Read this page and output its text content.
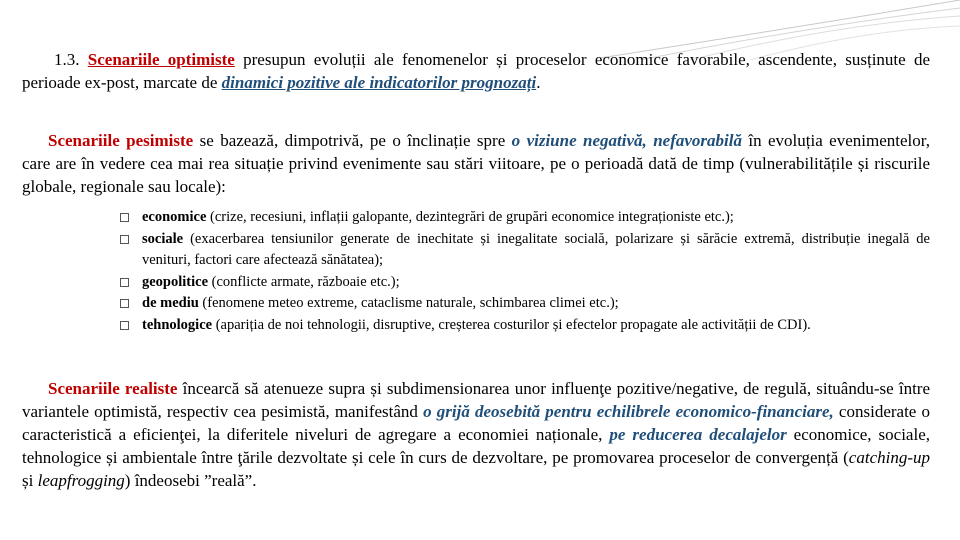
1.3. Scenariile optimiste presupun evoluții ale fenomenelor și proceselor economice favorabile, ascendente, susținute de perioade ex-post, marcate de dinamici pozitive ale indicatorilor prognozați.

Scenariile pesimiste se bazează, dimpotrivă, pe o înclinație spre o viziune negativă, nefavorabilă în evoluția evenimentelor, care are în vedere cea mai rea situație privind evenimente sau stări viitoare, pe o perioadă dată de timp (vulnerabilitățile și riscurile globale, regionale sau locale):

economice (crize, recesiuni, inflații galopante, dezintegrări de grupări economice integraționiste etc.);
sociale (exacerbarea tensiunilor generate de inechitate și inegalitate socială, polarizare și sărăcie extremă, distribuție inegală de venituri, factori care afectează sănătatea);
geopolitice (conflicte armate, războaie etc.);
de mediu (fenomene meteo extreme, cataclisme naturale, schimbarea climei etc.);
tehnologice (apariția de noi tehnologii, disruptive, creșterea costurilor și efectelor propagate ale activității de CDI).

Scenariile realiste încearcă să atenueze supra și subdimensionarea unor influenţe pozitive/negative, de regulă, situându-se între variantele optimistă, respectiv cea pesimistă, manifestând o grijă deosebită pentru echilibrele economico-financiare, considerate o caracteristică a eficienţei, la diferitele niveluri de agregare a economiei naționale, pe reducerea decalajelor economice, sociale, tehnologice și ambientale între ţările dezvoltate și cele în curs de dezvoltare, pe promovarea proceselor de convergență (catching-up și leapfrogging) îndeosebi ”reală”.
